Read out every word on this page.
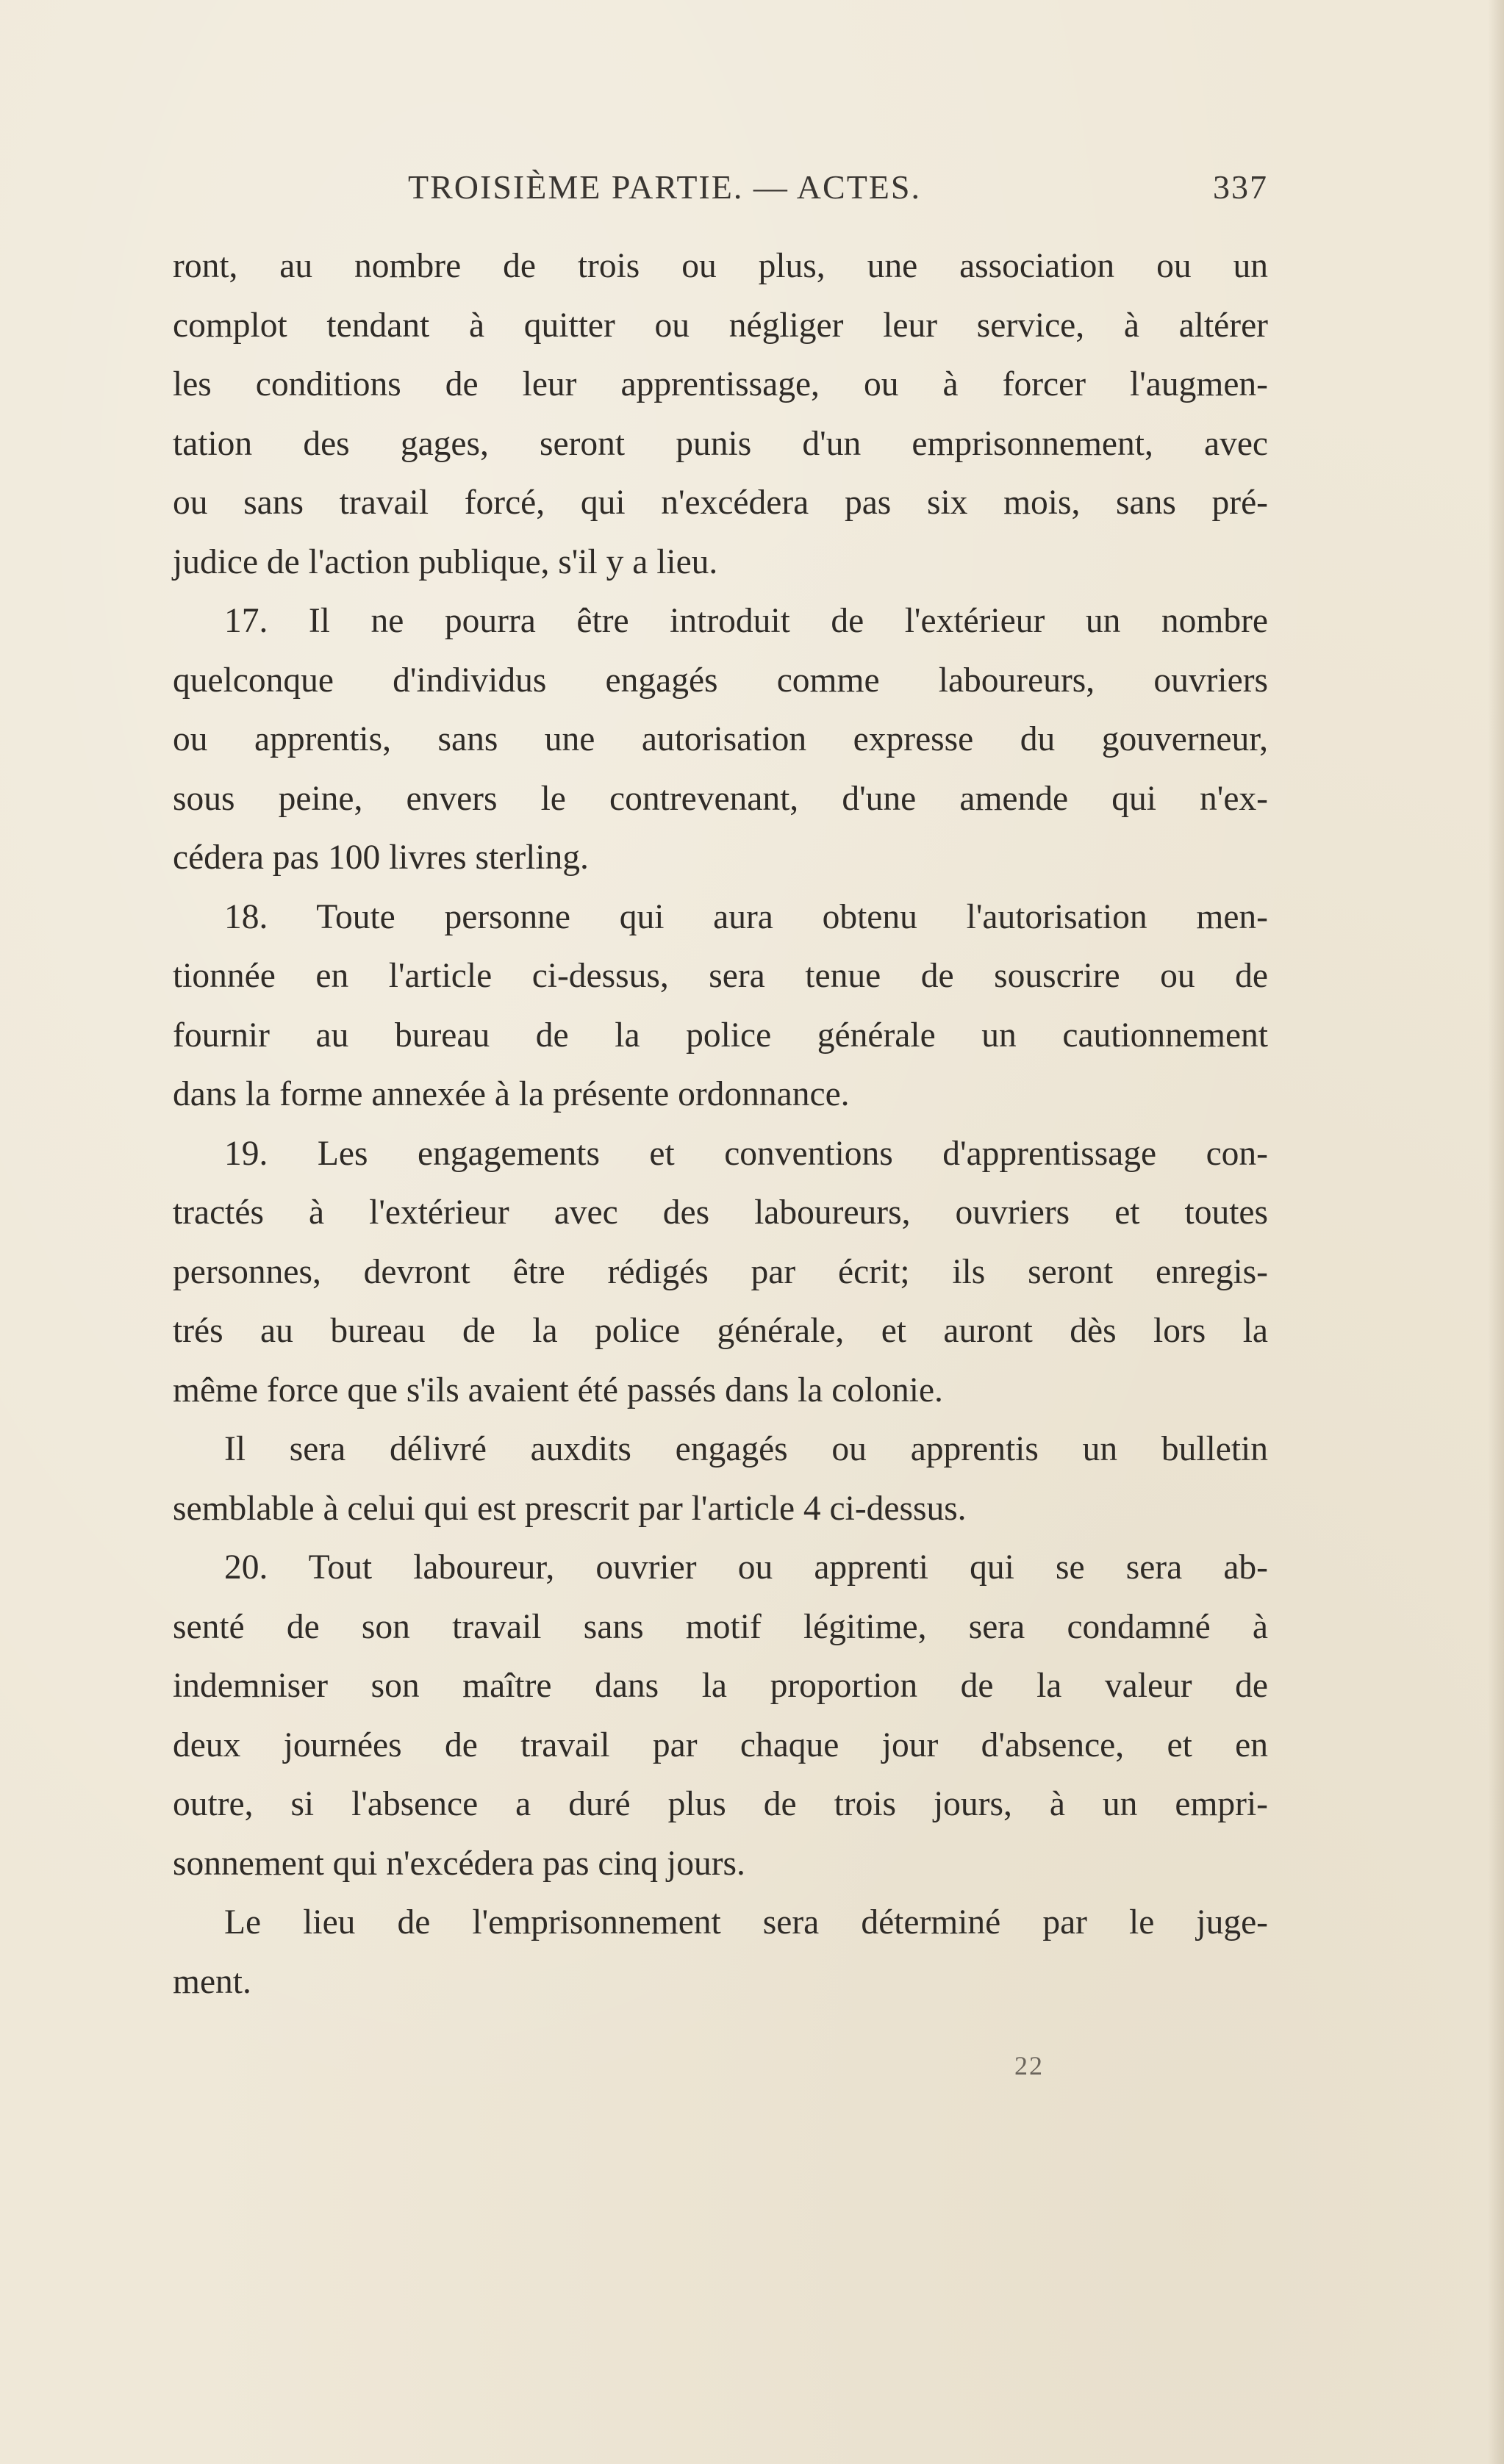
TROISIÈME PARTIE. — ACTES.	337
ront, au nombre de trois ou plus, une association ou un
complot tendant à quitter ou négliger leur service, à altérer
les conditions de leur apprentissage, ou à forcer l'augmen-
tation des gages, seront punis d'un emprisonnement, avec
ou sans travail forcé, qui n'excédera pas six mois, sans pré-
judice de l'action publique, s'il y a lieu.
17. Il ne pourra être introduit de l'extérieur un nombre
quelconque d'individus engagés comme laboureurs, ouvriers
ou apprentis, sans une autorisation expresse du gouverneur,
sous peine, envers le contrevenant, d'une amende qui n'ex-
cédera pas 100 livres sterling.
18. Toute personne qui aura obtenu l'autorisation men-
tionnée en l'article ci-dessus, sera tenue de souscrire ou de
fournir au bureau de la police générale un cautionnement
dans la forme annexée à la présente ordonnance.
19. Les engagements et conventions d'apprentissage con-
tractés à l'extérieur avec des laboureurs, ouvriers et toutes
personnes, devront être rédigés par écrit; ils seront enregis-
trés au bureau de la police générale, et auront dès lors la
même force que s'ils avaient été passés dans la colonie.
Il sera délivré auxdits engagés ou apprentis un bulletin
semblable à celui qui est prescrit par l'article 4 ci-dessus.
20. Tout laboureur, ouvrier ou apprenti qui se sera ab-
senté de son travail sans motif légitime, sera condamné à
indemniser son maître dans la proportion de la valeur de
deux journées de travail par chaque jour d'absence, et en
outre, si l'absence a duré plus de trois jours, à un empri-
sonnement qui n'excédera pas cinq jours.
Le lieu de l'emprisonnement sera déterminé par le juge-
ment.
22
